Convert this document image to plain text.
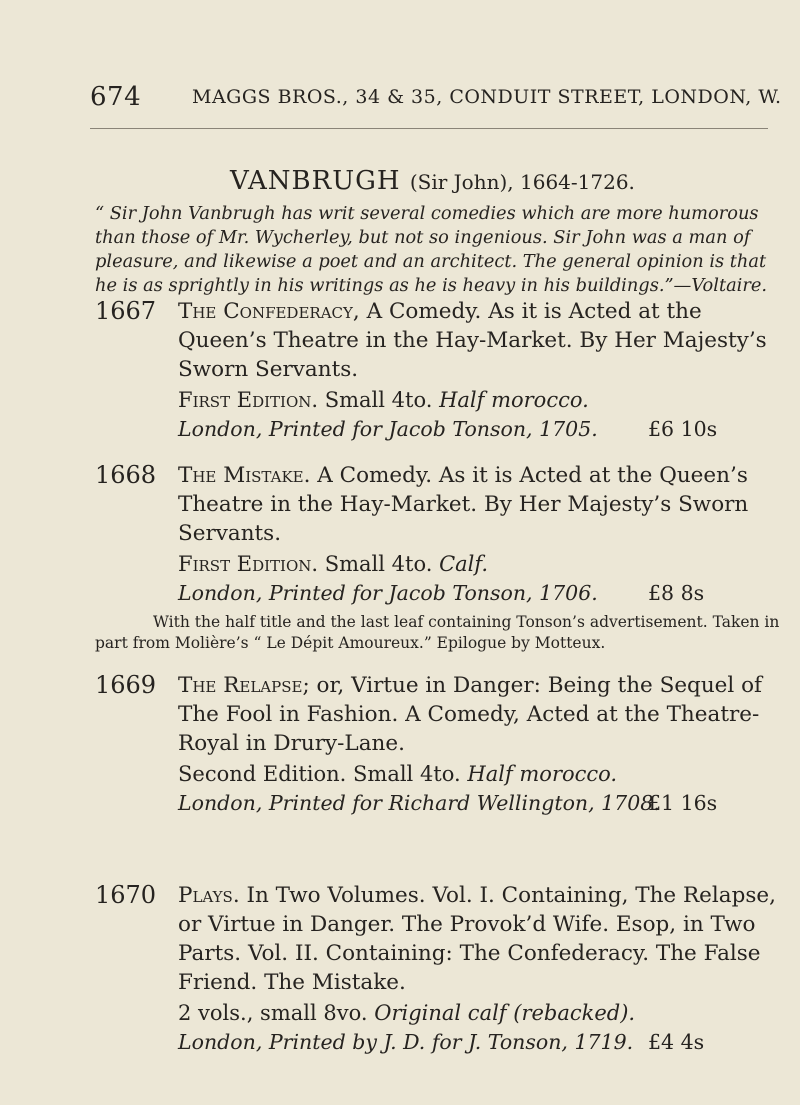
674	MAGGS BROS., 34 & 35, CONDUIT STREET, LONDON, W.
VANBRUGH (Sir John), 1664-1726.
“ Sir John Vanbrugh has writ several comedies which are more humorous than those of Mr. Wycherley, but not so ingenious. Sir John was a man of pleasure, and likewise a poet and an architect. The general opinion is that he is as sprightly in his writings as he is heavy in his buildings.”—Voltaire.
1667 The Confederacy, A Comedy. As it is Acted at the Queen’s Theatre in the Hay-Market. By Her Majesty’s Sworn Servants.
First Edition. Small 4to. Half morocco.
London, Printed for Jacob Tonson, 1705. £6 10s
1668 The Mistake. A Comedy. As it is Acted at the Queen’s Theatre in the Hay-Market. By Her Majesty’s Sworn Servants.
First Edition. Small 4to. Calf.
London, Printed for Jacob Tonson, 1706. £8 8s
With the half title and the last leaf containing Tonson’s advertisement. Taken in part from Molière’s “ Le Dépit Amoureux.” Epilogue by Motteux.
1669 The Relapse; or, Virtue in Danger: Being the Sequel of The Fool in Fashion. A Comedy, Acted at the Theatre-Royal in Drury-Lane.
Second Edition. Small 4to. Half morocco.
London, Printed for Richard Wellington, 1708.
£1 16s
1670 Plays. In Two Volumes. Vol. I. Containing, The Relapse, or Virtue in Danger. The Provok’d Wife. Esop, in Two Parts. Vol. II. Containing: The Confederacy. The False Friend. The Mistake.
2 vols., small 8vo. Original calf (rebacked).
London, Printed by J. D. for J. Tonson, 1719. £4 4s
